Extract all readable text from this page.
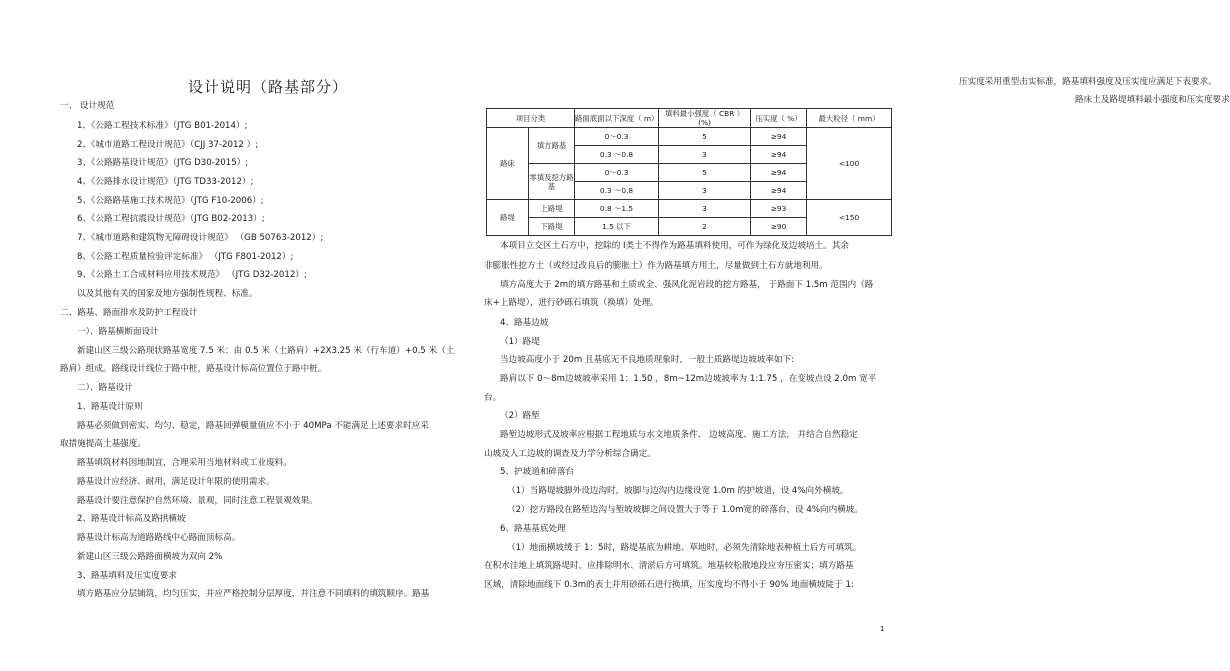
设计说明（路基部分）
一、 设计规范
1、《公路工程技术标准》（JTG B01-2014）;
2、《城市道路工程设计规范》（CJJ 37-2012 ）;
3、《公路路基设计规范》（JTG D30-2015）;
4、《公路排水设计规范》（JTG TD33-2012）;
5、《公路路基施工技术规范》（JTG F10-2006）;
6、《公路工程抗震设计规范》（JTG B02-2013）;
7、《城市道路和建筑物无障碍设计规范》 （GB 50763-2012）;
8、《公路工程质量检验评定标准》 （JTG F801-2012）;
9、《公路土工合成材料应用技术规范》 （JTG D32-2012）;
以及其他有关的国家及地方强制性规程、标准。
二、路基、路面排水及防护工程设计
一）、路基横断面设计
新建山区三级公路现状路基宽度 7.5 米：由 0.5 米（土路肩）+2X3.25 米（行车道）+0.5 米（土
路肩）组成。路线设计线位于路中桩，路基设计标高位置位于路中桩。
二）、路基设计
1、路基设计原则
路基必须做到密实、均匀、稳定，路基回弹模量值应不小于 40MPa 不能满足上述要求时应采
取措施提高土基强度。
路基填筑材料因地制宜，合理采用当地材料或工业废料。
路基设计应经济、耐用，满足设计年限的使用需求。
路基设计要注意保护自然环境、景观，同时注意工程景观效果。
2、路基设计标高及路拱横坡
路基设计标高为道路路线中心路面顶标高。
新建山区三级公路路面横坡为双向 2%
3、路基填料及压实度要求
填方路基应分层铺筑，均匀压实，并应严格控制分层厚度，并注意不同填料的填筑顺序。路基
压实度采用重型击实标准，路基填料强度及压实度应满足下表要求。
路床土及路堤填料最小强度和压实度要求
项目分类		路面底面以下深度（ m）	填料最小强度（ CBR ）(%)	压实度（ %）	最大粒径（ mm）
路床	填方路基	0～0.3	5	≥94	<100
		0.3 ～0.8	3	≥94	
	零填及挖方路基	0～0.3	5	≥94	
		0.3 ～0.8	3	≥94	
路堤	上路堤	0.8 ～1.5	3	≥93	<150
	下路堤	1.5 以下	2	≥90	
本项目立交区土石方中，挖除的 Ⅰ类土不得作为路基填料使用，可作为绿化及边坡培土。其余
非膨胀性挖方土（或经过改良后的膨胀土）作为路基填方用土，尽量做到土石方就地利用。
填方高度大于 2m的填方路基和土质或全、强风化泥岩段的挖方路基， 于路面下 1.5m 范围内（路
床+上路堤），进行砂砾石填筑（换填）处理。
4、路基边坡
（1）路堤
当边坡高度小于 20m 且基底无不良地质现象时，一般土质路堤边坡坡率如下:
路肩以下 0～8m边坡坡率采用 1：1.50 ，8m~12m边坡坡率为 1:1.75 ，在变坡点设 2.0m 宽平
台。
（2）路堑
路堑边坡形式及坡率应根据工程地质与水文地质条件、 边坡高度、施工方法， 并结合自然稳定
山坡及人工边坡的调查及力学分析综合确定。
5、护坡道和碎落台
（1）当路堤坡脚外设边沟时，坡脚与边沟内边缘设宽 1.0m 的护坡道，设 4%向外横坡。
（2）挖方路段在路堑边沟与堑坡坡脚之间设置大于等于 1.0m宽的碎落台，设 4%向内横坡。
6、路基基底处理
（1）地面横坡缓于 1：5时，路堤基底为耕地、草地时，必须先清除地表种植土后方可填筑。
在积水洼地上填筑路堤时，应排除明水、清淤后方可填筑。地基较松散地段应夯压密实；填方路基
区域，清除地面线下 0.3m的表土并用砂砾石进行换填，压实度均不得小于 90% 地面横坡陡于 1:
1
